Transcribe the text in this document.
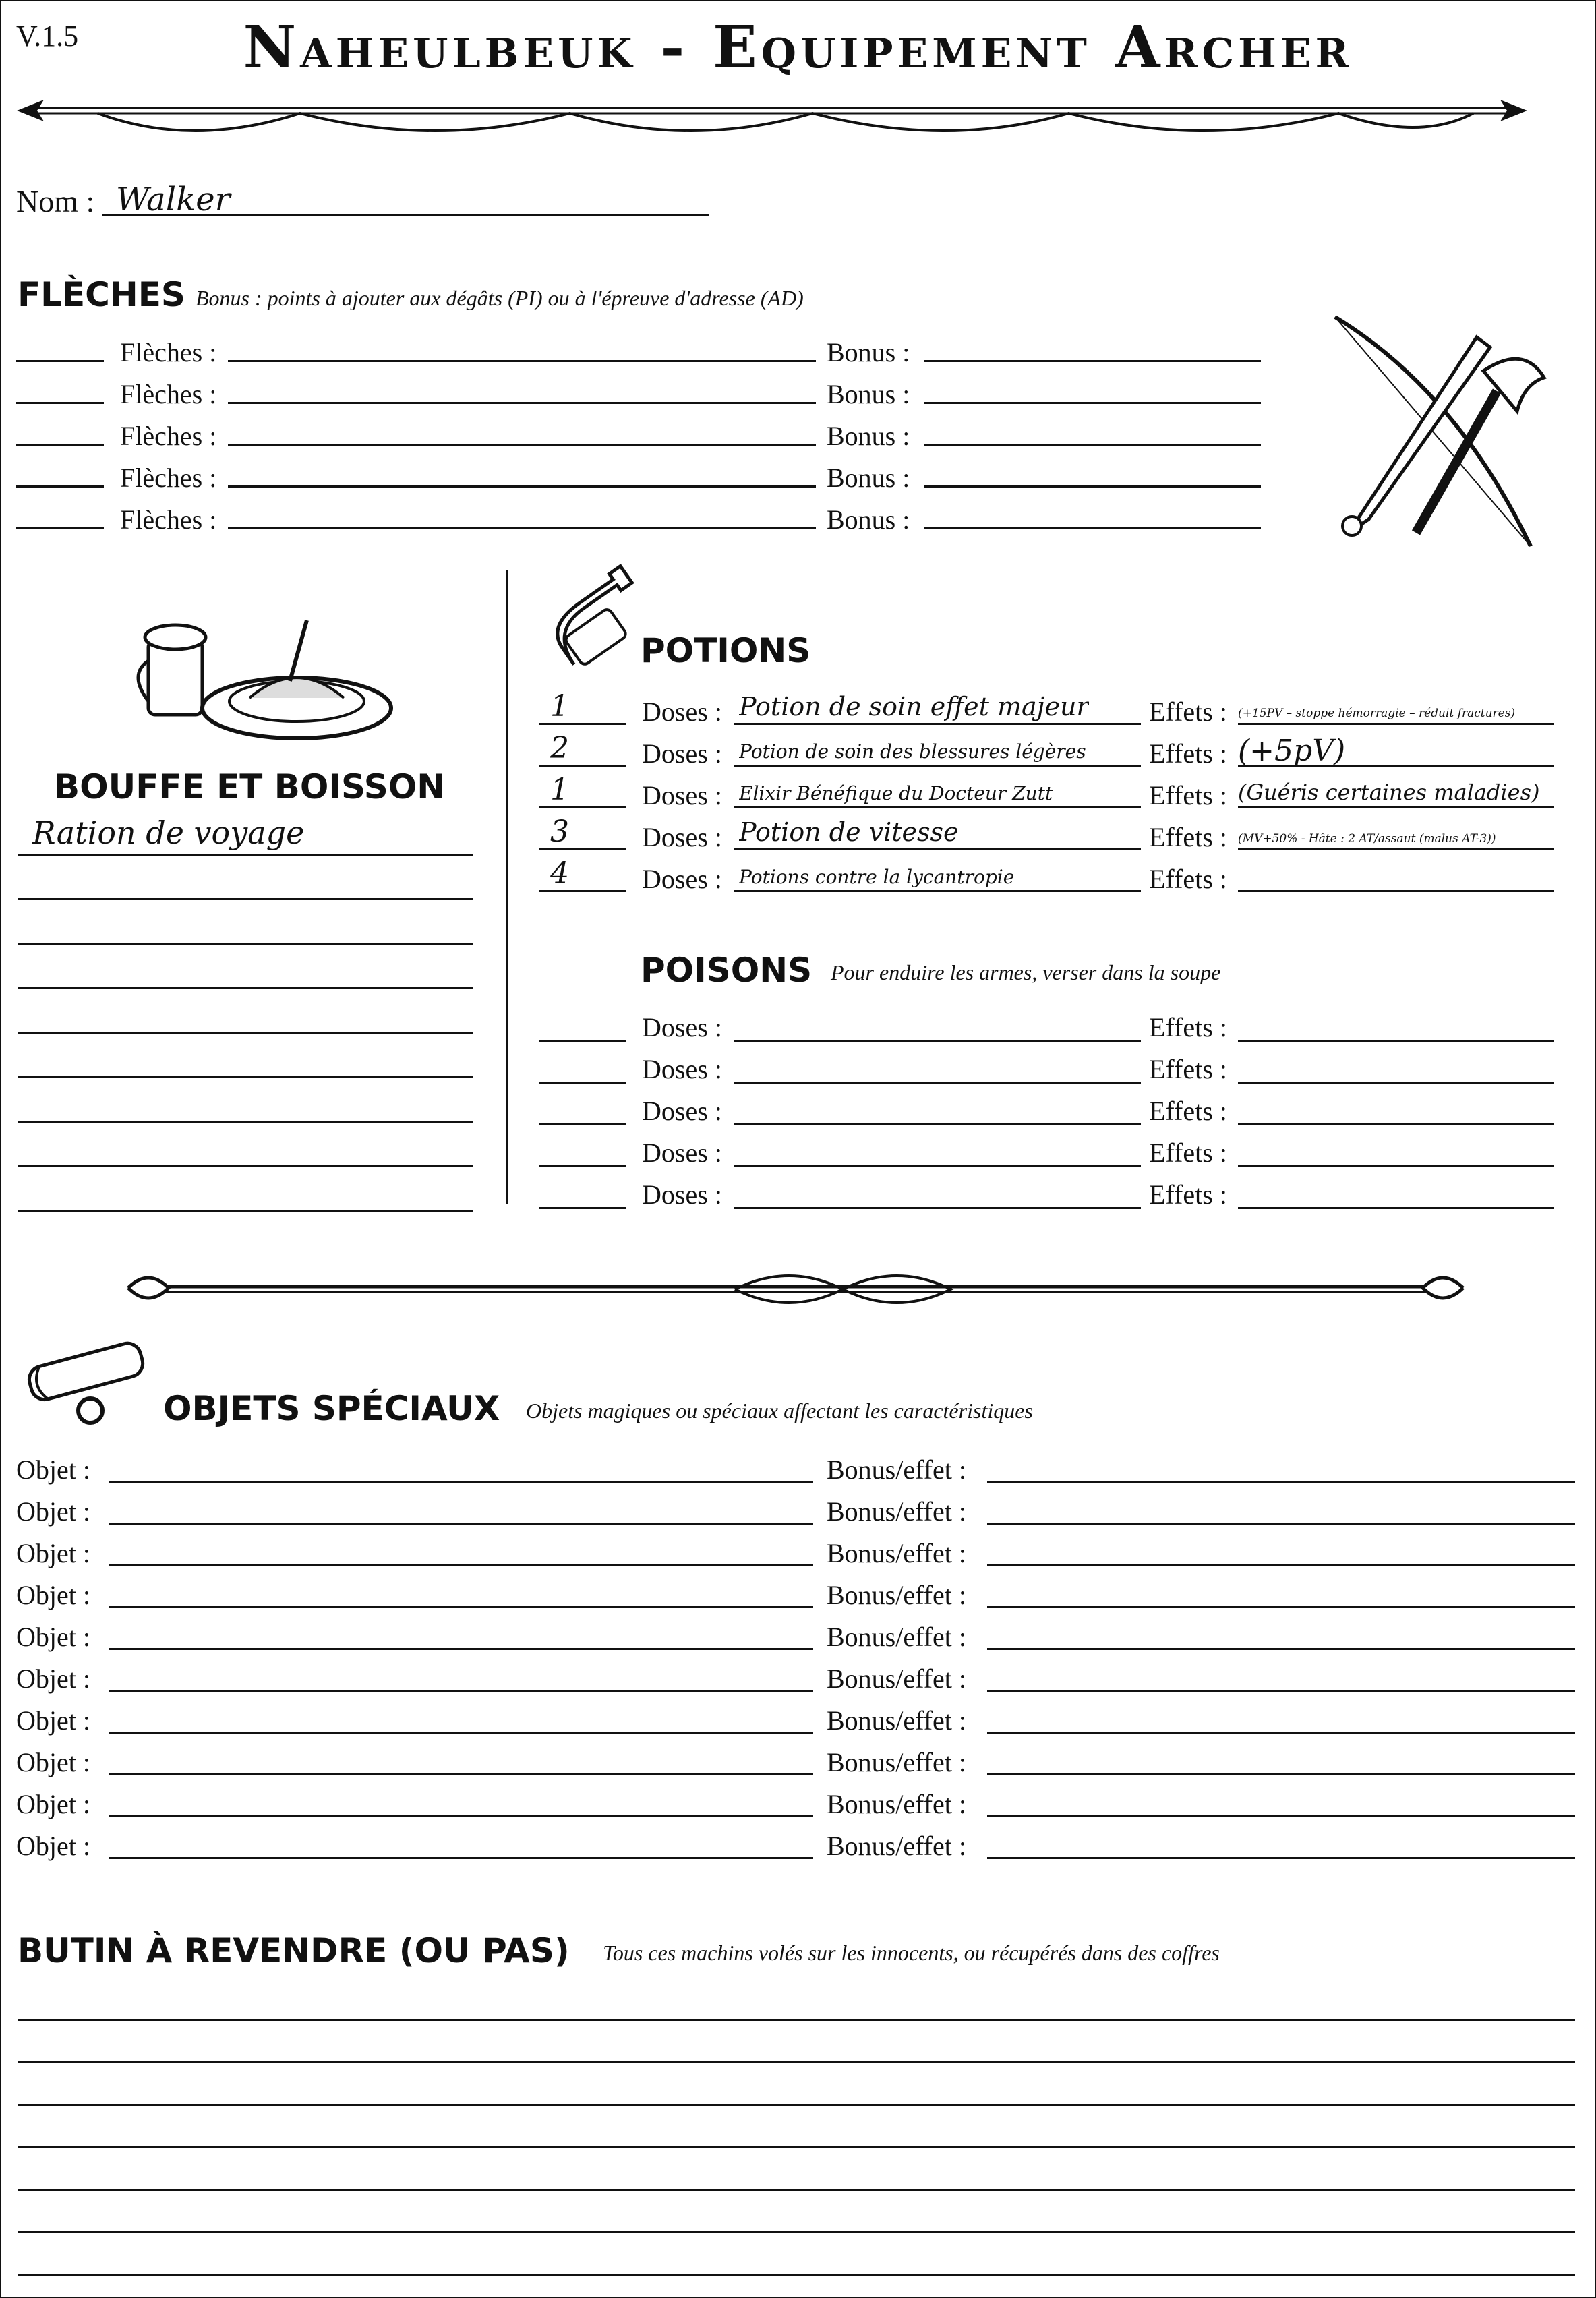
V.1.5	Naheulbeuk - Equipement Archer
Nom : Walker
FLÈCHES Bonus : points à ajouter aux dégâts (PI) ou à l'épreuve d'adresse (AD)
Flèches :	Bonus :
Flèches :	Bonus :
Flèches :	Bonus :
Flèches :	Bonus :
Flèches :	Bonus :
BOUFFE ET BOISSON
Ration de voyage
POTIONS
1	Doses : Potion de soin effet majeur Effets : (+15PV – stoppe hémorragie – réduit fractures)
2	Doses : Potion de soin des blessures légères Effets : (+5pV)
1	Doses : Elixir Bénéfique du Docteur Zutt	Effets : (Guéris certaines maladies)
3	Doses : Potion de vitesse	Effets : (MV+50% - Hâte : 2 AT/assaut (malus AT-3))
4	Doses : Potions contre la lycantropie	Effets :
POISONS Pour enduire les armes, verser dans la soupe
Doses :	Effets :
Doses :	Effets :
Doses :	Effets :
Doses :	Effets :
Doses :	Effets :
OBJETS SPÉCIAUX Objets magiques ou spéciaux affectant les caractéristiques
Objet :	Bonus/effet :
Objet :	Bonus/effet :
Objet :	Bonus/effet :
Objet :	Bonus/effet :
Objet :	Bonus/effet :
Objet :	Bonus/effet :
Objet :	Bonus/effet :
Objet :	Bonus/effet :
Objet :	Bonus/effet :
Objet :	Bonus/effet :
BUTIN À REVENDRE (OU PAS) Tous ces machins volés sur les innocents, ou récupérés dans des coffres
